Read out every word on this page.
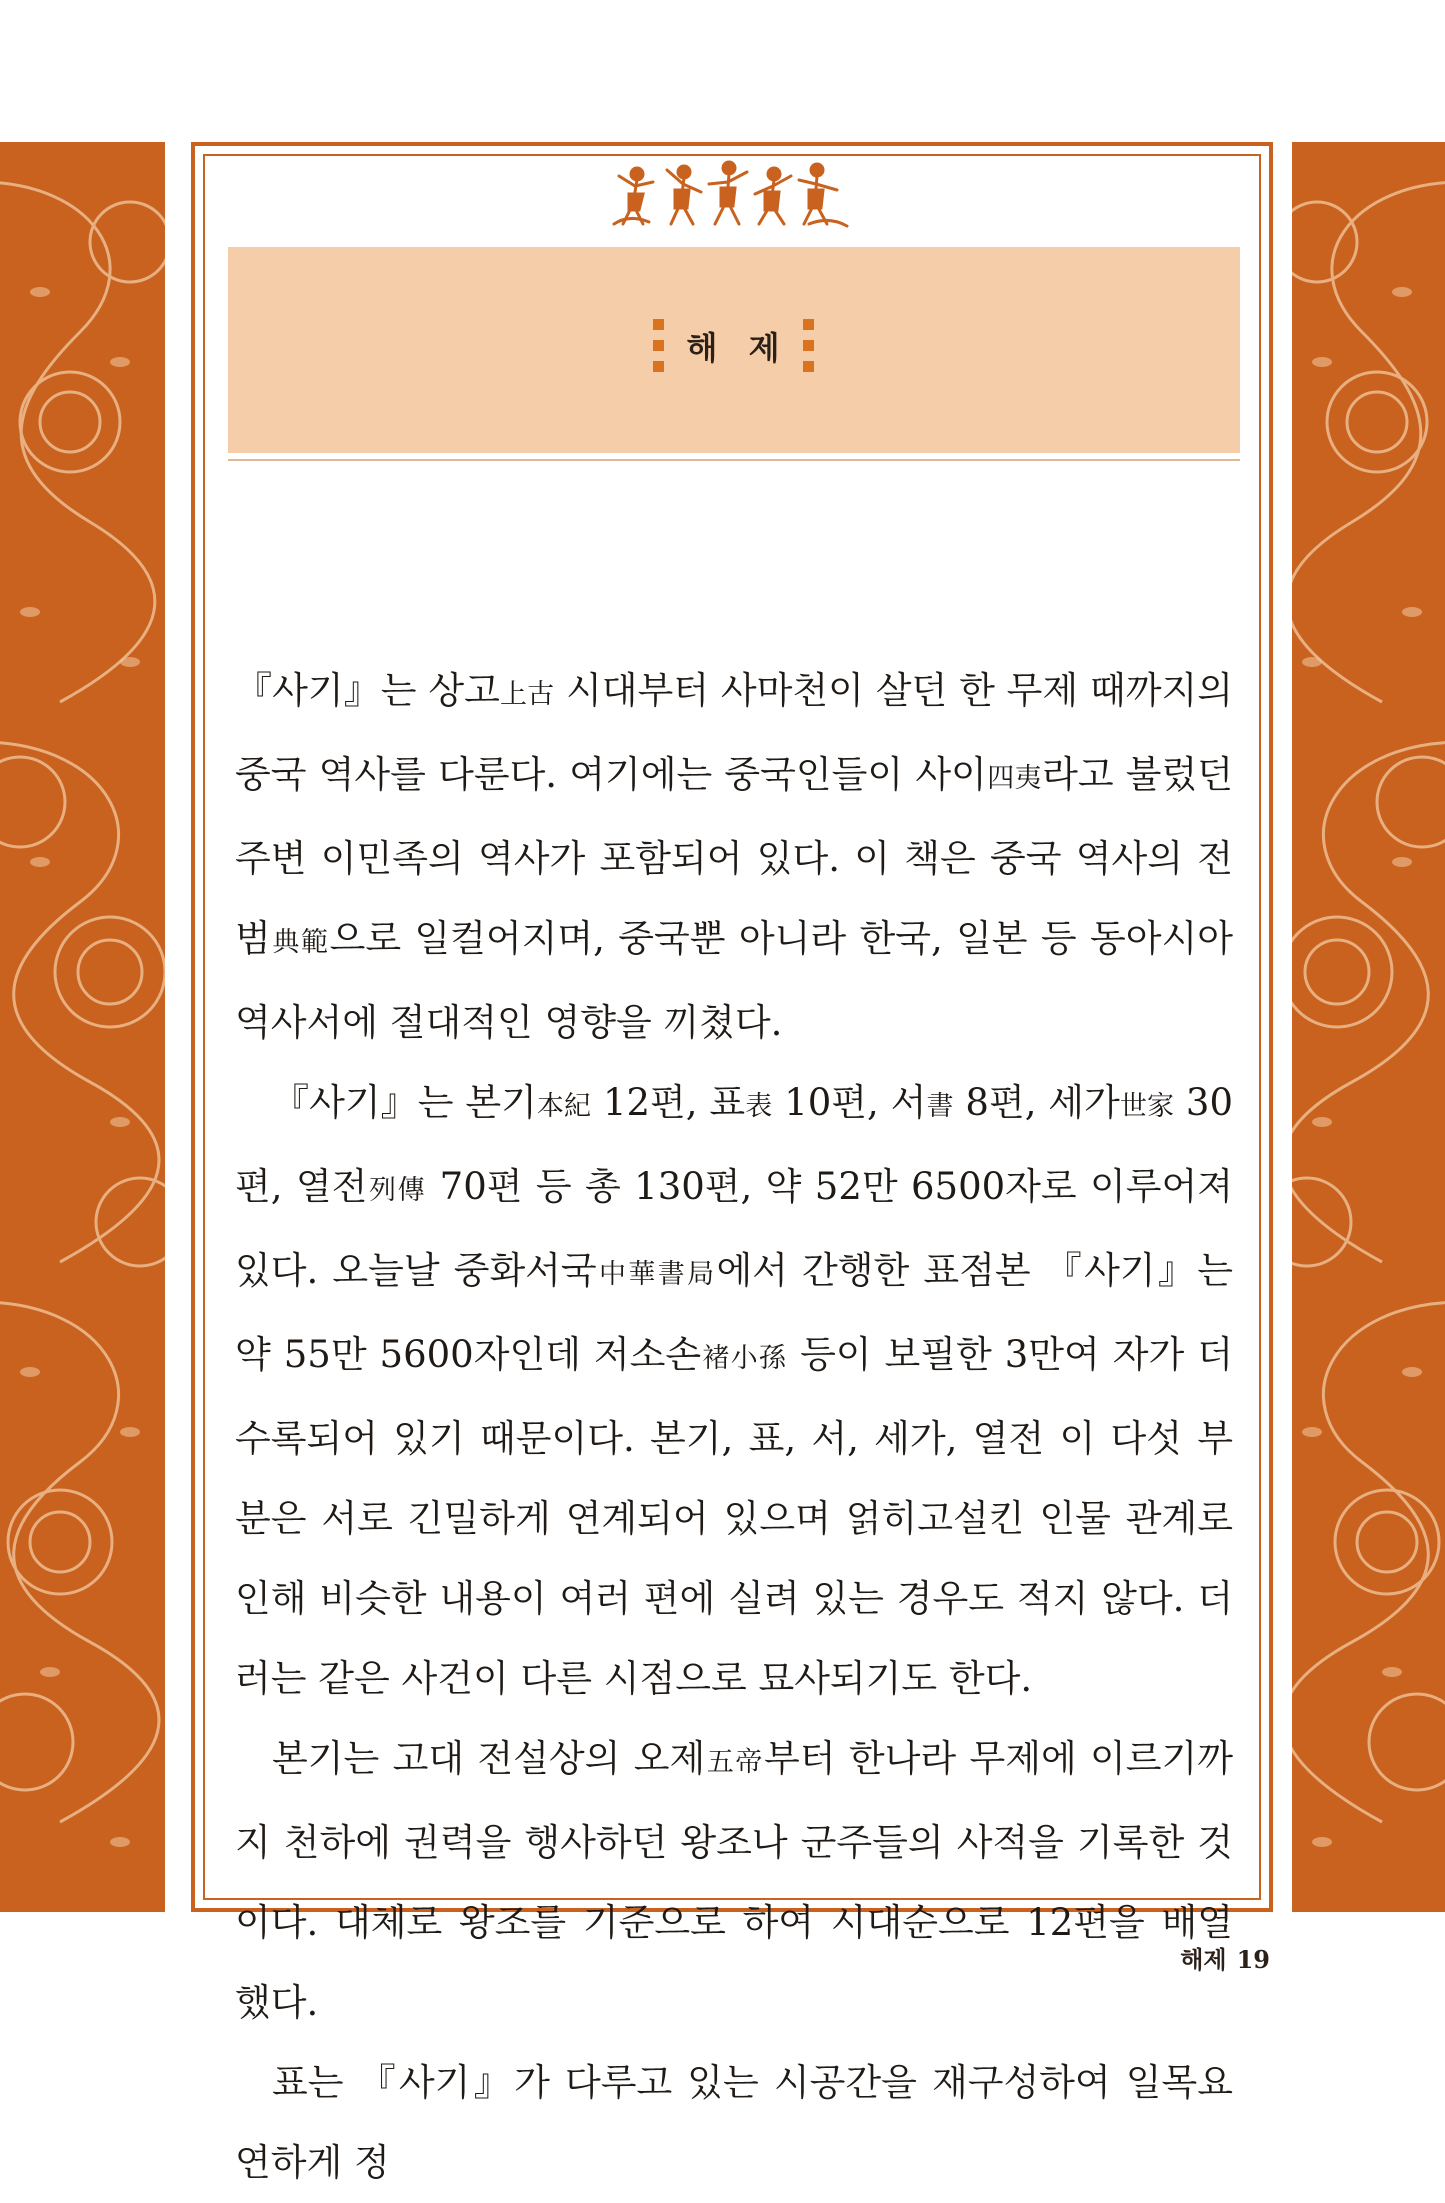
해 제

『사기』는 상고上古 시대부터 사마천이 살던 한 무제 때까지의 중국 역사를 다룬다. 여기에는 중국인들이 사이四夷라고 불렀던 주변 이민족의 역사가 포함되어 있다. 이 책은 중국 역사의 전범典範으로 일컬어지며, 중국뿐 아니라 한국, 일본 등 동아시아 역사서에 절대적인 영향을 끼쳤다.

『사기』는 본기本紀 12편, 표表 10편, 서書 8편, 세가世家 30편, 열전列傳 70편 등 총 130편, 약 52만 6500자로 이루어져 있다. 오늘날 중화서국中華書局에서 간행한 표점본 『사기』는 약 55만 5600자인데 저소손褚小孫 등이 보필한 3만여 자가 더 수록되어 있기 때문이다. 본기, 표, 서, 세가, 열전 이 다섯 부분은 서로 긴밀하게 연계되어 있으며 얽히고설킨 인물 관계로 인해 비슷한 내용이 여러 편에 실려 있는 경우도 적지 않다. 더러는 같은 사건이 다른 시점으로 묘사되기도 한다.

본기는 고대 전설상의 오제五帝부터 한나라 무제에 이르기까지 천하에 권력을 행사하던 왕조나 군주들의 사적을 기록한 것이다. 대체로 왕조를 기준으로 하여 시대순으로 12편을 배열했다.

표는 『사기』가 다루고 있는 시공간을 재구성하여 일목요연하게 정

해제 19
